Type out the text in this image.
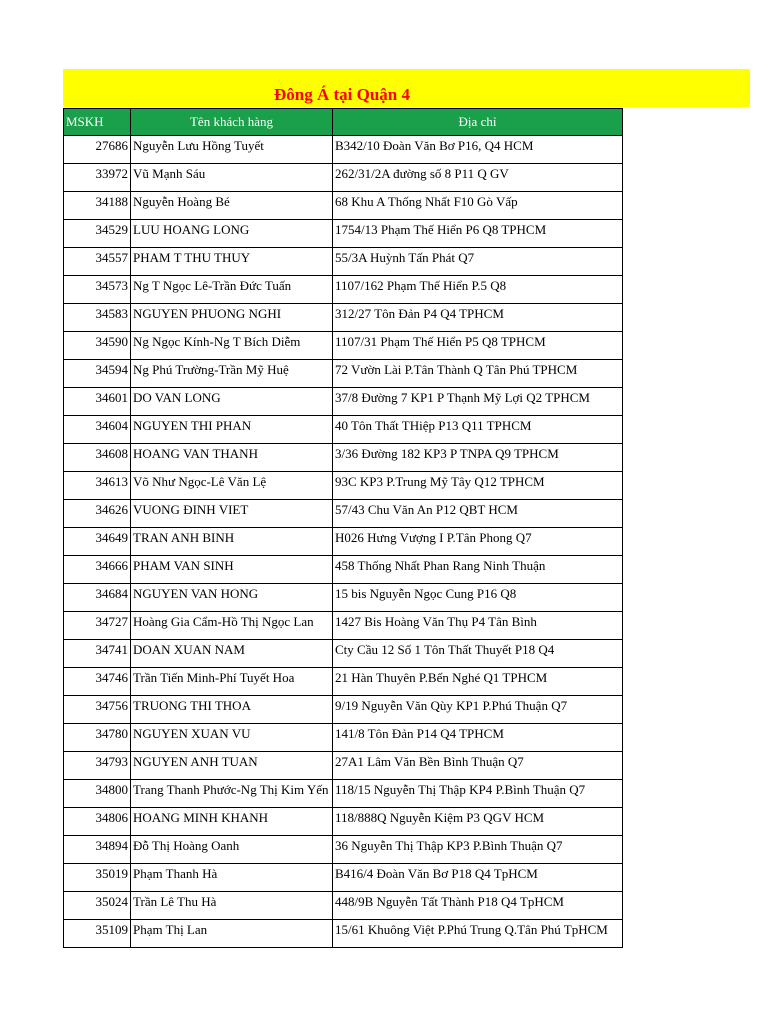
Đông Á tại Quận 4
MSKH	Tên khách hàng	Địa chỉ

27686	Nguyễn Lưu Hồng Tuyết	B342/10 Đoàn Văn Bơ P16, Q4 HCM

33972	Vũ Mạnh Sáu	262/31/2A đường số 8 P11 Q GV

34188	Nguyễn Hoàng Bé	68 Khu A Thống Nhất F10 Gò Vấp

34529	LUU HOANG LONG	1754/13 Phạm Thế Hiển P6 Q8 TPHCM

34557	PHAM T THU THUY	55/3A Huỳnh Tấn Phát Q7

34573	Ng T Ngọc Lê-Trần Đức Tuấn	1107/162 Phạm Thế Hiển P.5 Q8

34583	NGUYEN PHUONG NGHI	312/27 Tôn Đản P4 Q4 TPHCM

34590	Ng Ngọc Kính-Ng T Bích Diễm	1107/31 Phạm Thế Hiển P5 Q8 TPHCM

34594	Ng Phú Trường-Trần Mỹ Huệ	72 Vườn Lài P.Tân Thành Q Tân Phú TPHCM

34601	DO VAN LONG	37/8 Đường 7 KP1 P Thạnh Mỹ Lợi Q2 TPHCM

34604	NGUYEN THI PHAN	40 Tôn Thất THiệp P13 Q11 TPHCM

34608	HOANG VAN THANH	3/36 Đường 182 KP3 P TNPA Q9 TPHCM

34613	Võ Như Ngọc-Lê Văn Lệ	93C KP3 P.Trung Mỹ Tây Q12 TPHCM

34626	VUONG ĐINH VIET	57/43 Chu Văn An P12 QBT HCM

34649	TRAN ANH BINH	H026 Hưng Vượng I P.Tân Phong Q7

34666	PHAM VAN SINH	458 Thống Nhất Phan Rang Ninh Thuận

34684	NGUYEN VAN HONG	15 bis Nguyễn Ngọc Cung P16 Q8

34727	Hoàng Gia Cẩm-Hồ Thị Ngọc Lan	1427 Bis Hoàng Văn Thụ P4 Tân Bình

34741	DOAN XUAN NAM	Cty Cầu 12 Số 1 Tôn Thất Thuyết P18 Q4

34746	Trần Tiến Minh-Phí Tuyết Hoa	21 Hàn Thuyên P.Bến Nghé Q1 TPHCM

34756	TRUONG THI THOA	9/19 Nguyễn Văn Qùy KP1 P.Phú Thuận Q7

34780	NGUYEN XUAN VU	141/8 Tôn Đản P14 Q4 TPHCM

34793	NGUYEN ANH TUAN	27A1 Lâm Văn Bền Bình Thuận Q7

34800	Trang Thanh Phước-Ng Thị Kim Yến	118/15 Nguyễn Thị Thập KP4 P.Bình Thuận Q7

34806	HOANG MINH KHANH	118/888Q Nguyễn Kiệm P3 QGV HCM

34894	Đỗ Thị Hoàng Oanh	36 Nguyễn Thị Thập KP3 P.Bình Thuận Q7

35019	Phạm Thanh Hà	B416/4 Đoàn Văn Bơ P18 Q4 TpHCM

35024	Trần Lê Thu Hà	448/9B Nguyễn Tất Thành P18 Q4 TpHCM

35109	Phạm Thị Lan	15/61 Khuông Việt P.Phú Trung Q.Tân Phú TpHCM
